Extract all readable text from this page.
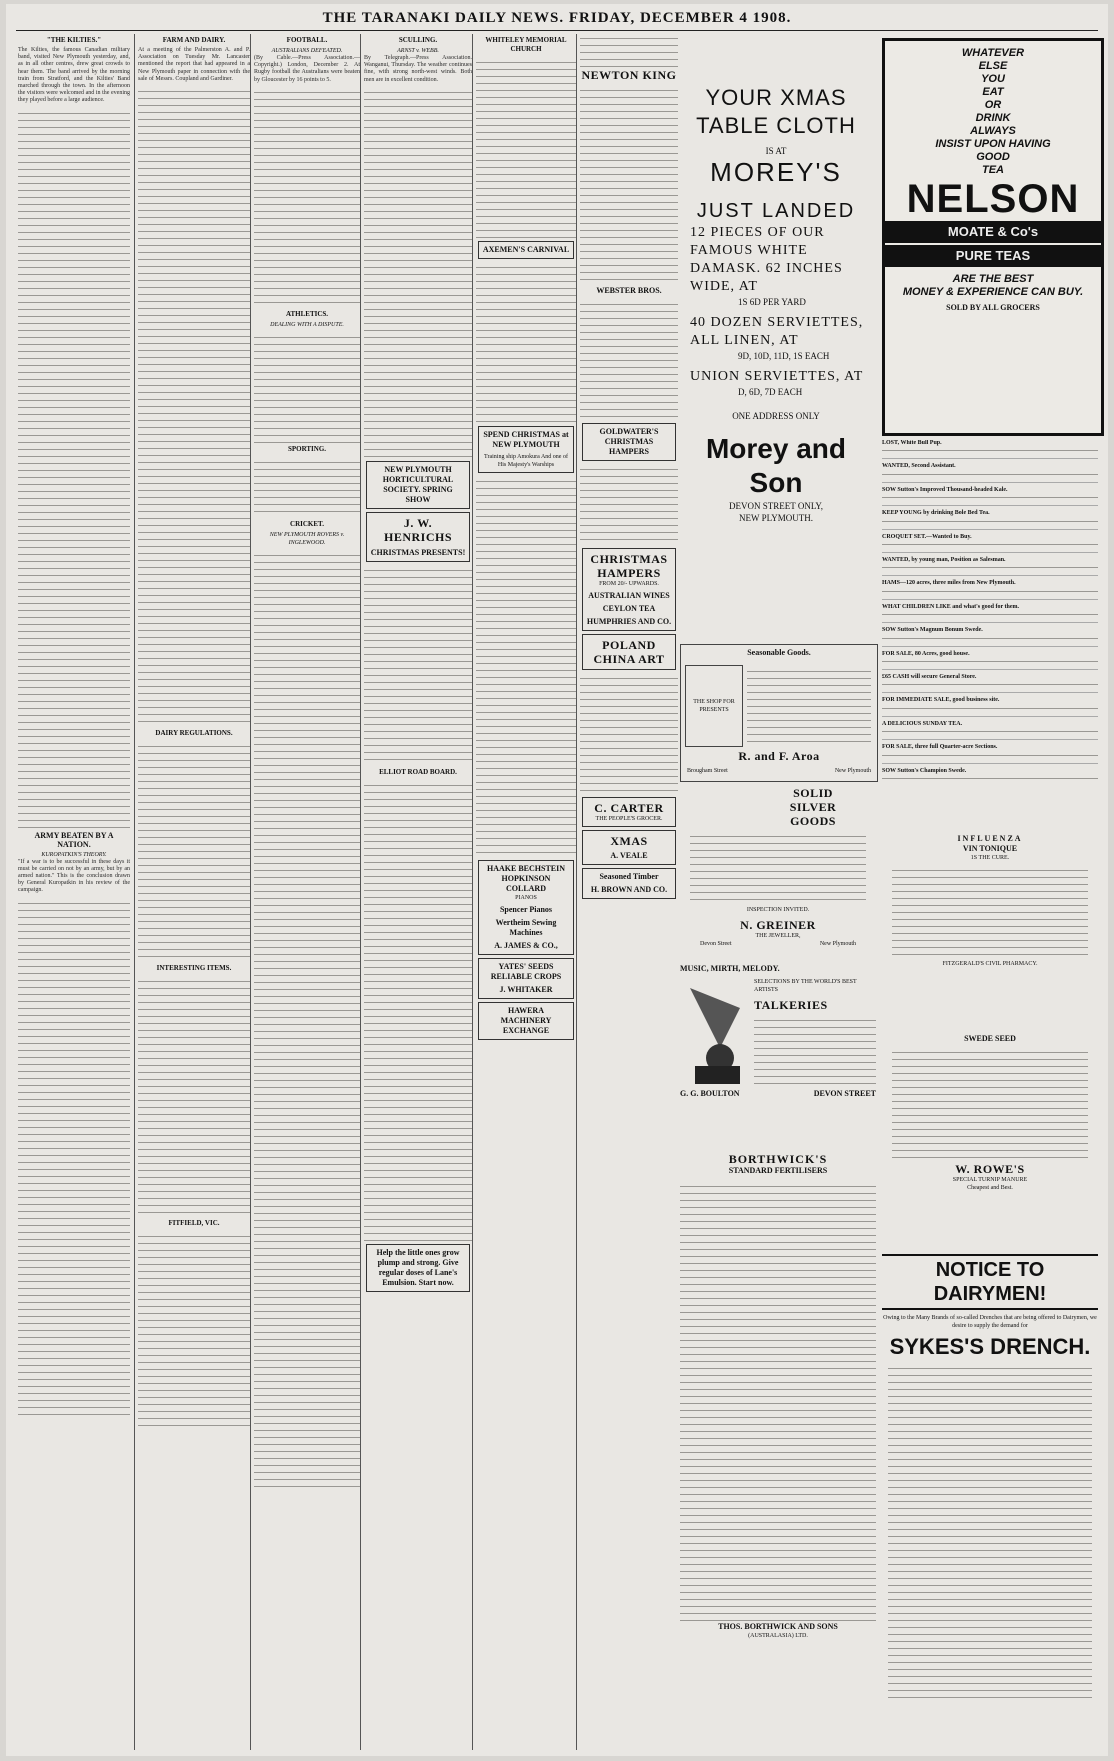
THE TARANAKI DAILY NEWS. FRIDAY, DECEMBER 4 1908.
"THE KILTIES."
The Kilties, the famous Canadian military band, visited New Plymouth yesterday, and, as in all other centres, drew great crowds to hear them. The band arrived by the morning train from Stratford, and the Kilties' Band marched through the town. In the afternoon the visitors were welcomed and in the evening they played before a large audience.
ARMY BEATEN BY A NATION.
KUROPATKIN'S THEORY.
"If a war is to be successful in these days it must be carried on not by an army, but by an armed nation." This is the conclusion drawn by General Kuropatkin in his review of the campaign.
FARM AND DAIRY.
At a meeting of the Palmerston A. and P. Association on Tuesday Mr. Lancaster mentioned the report that had appeared in a New Plymouth paper in connection with the sale of Messrs. Coupland and Gardiner.
DAIRY REGULATIONS.
INTERESTING ITEMS.
FITFIELD, VIC.
FOOTBALL.
AUSTRALIANS DEFEATED.
(By Cable.—Press Association.—Copyright.) London, December 2. At Rugby football the Australians were beaten by Gloucester by 16 points to 5.
ATHLETICS.
DEALING WITH A DISPUTE.
SPORTING.
CRICKET.
NEW PLYMOUTH ROVERS v. INGLEWOOD.
SCULLING.
ARNST v. WEBB.
By Telegraph.—Press Association. Wanganui, Thursday. The weather continues fine, with strong north-west winds. Both men are in excellent condition.
NEW PLYMOUTH HORTICULTURAL SOCIETY. SPRING SHOW
J. W. HENRICHS
CHRISTMAS PRESENTS!
ELLIOT ROAD BOARD.
Help the little ones grow plump and strong. Give regular doses of Lane's Emulsion. Start now.
WHITELEY MEMORIAL CHURCH
AXEMEN'S CARNIVAL
SPEND CHRISTMAS at NEW PLYMOUTH
Training ship Amokura And one of His Majesty's Warships
HAAKE BECHSTEIN HOPKINSON COLLARD
PIANOS
Spencer Pianos
Wertheim Sewing Machines
A. JAMES & CO.,
YATES' SEEDS
RELIABLE CROPS
J. WHITAKER
HAWERA MACHINERY EXCHANGE
NEWTON KING
WEBSTER BROS.
GOLDWATER'S CHRISTMAS HAMPERS
CHRISTMAS HAMPERS
FROM 20/- UPWARDS.
AUSTRALIAN WINES
CEYLON TEA
HUMPHRIES AND CO.
POLAND CHINA ART
C. CARTER
THE PEOPLE'S GROCER.
XMAS
A. VEALE
Seasoned Timber
H. BROWN AND CO.
YOUR XMAS
TABLE CLOTH
IS AT
MOREY'S
JUST LANDED
12 PIECES OF OUR FAMOUS WHITE DAMASK. 62 INCHES WIDE, AT
1S 6D PER YARD
40 DOZEN SERVIETTES, ALL LINEN, AT
9D, 10D, 11D, 1S EACH
UNION SERVIETTES, AT
D, 6D, 7D EACH
ONE ADDRESS ONLY
Morey and Son
DEVON STREET ONLY,
NEW PLYMOUTH.
WHATEVER
ELSE
YOU
EAT
OR
DRINK
ALWAYS
INSIST UPON HAVING
GOOD
TEA
NELSON
MOATE & Co's
PURE TEAS
ARE THE BEST
MONEY & EXPERIENCE CAN BUY.
SOLD BY ALL GROCERS
LOST, White Bull Pup.
WANTED, Second Assistant.
SOW Sutton's Improved Thousand-headed Kale.
KEEP YOUNG by drinking Bole Bed Tea.
CROQUET SET.—Wanted to Buy.
WANTED, by young man, Position as Salesman.
HAMS—120 acres, three miles from New Plymouth.
WHAT CHILDREN LIKE and what's good for them.
SOW Sutton's Magnum Bonum Swede.
FOR SALE, 80 Acres, good house.
£65 CASH will secure General Store.
FOR IMMEDIATE SALE, good business site.
A DELICIOUS SUNDAY TEA.
FOR SALE, three full Quarter-acre Sections.
SOW Sutton's Champion Swede.
Seasonable Goods.
THE SHOP FOR PRESENTS
R. and F. Aroa
Brougham Street	New Plymouth
SOLID
SILVER
GOODS
INSPECTION INVITED.
N. GREINER
THE JEWELLER,
Devon Street	New Plymouth
MUSIC, MIRTH, MELODY.
SELECTIONS BY THE WORLD'S BEST ARTISTS
TALKERIES
G. G. BOULTON	DEVON STREET
BORTHWICK'S
STANDARD FERTILISERS
THOS. BORTHWICK AND SONS
(AUSTRALASIA) LTD.
INFLUENZA
VIN TONIQUE
1S THE CURE.
FITZGERALD'S CIVIL PHARMACY.
SWEDE SEED
W. ROWE'S
SPECIAL TURNIP MANURE
Cheapest and Best.
NOTICE TO DAIRYMEN!
Owing to the Many Brands of so-called Drenches that are being offered to Dairymen, we desire to supply the demand for
SYKES'S DRENCH.
